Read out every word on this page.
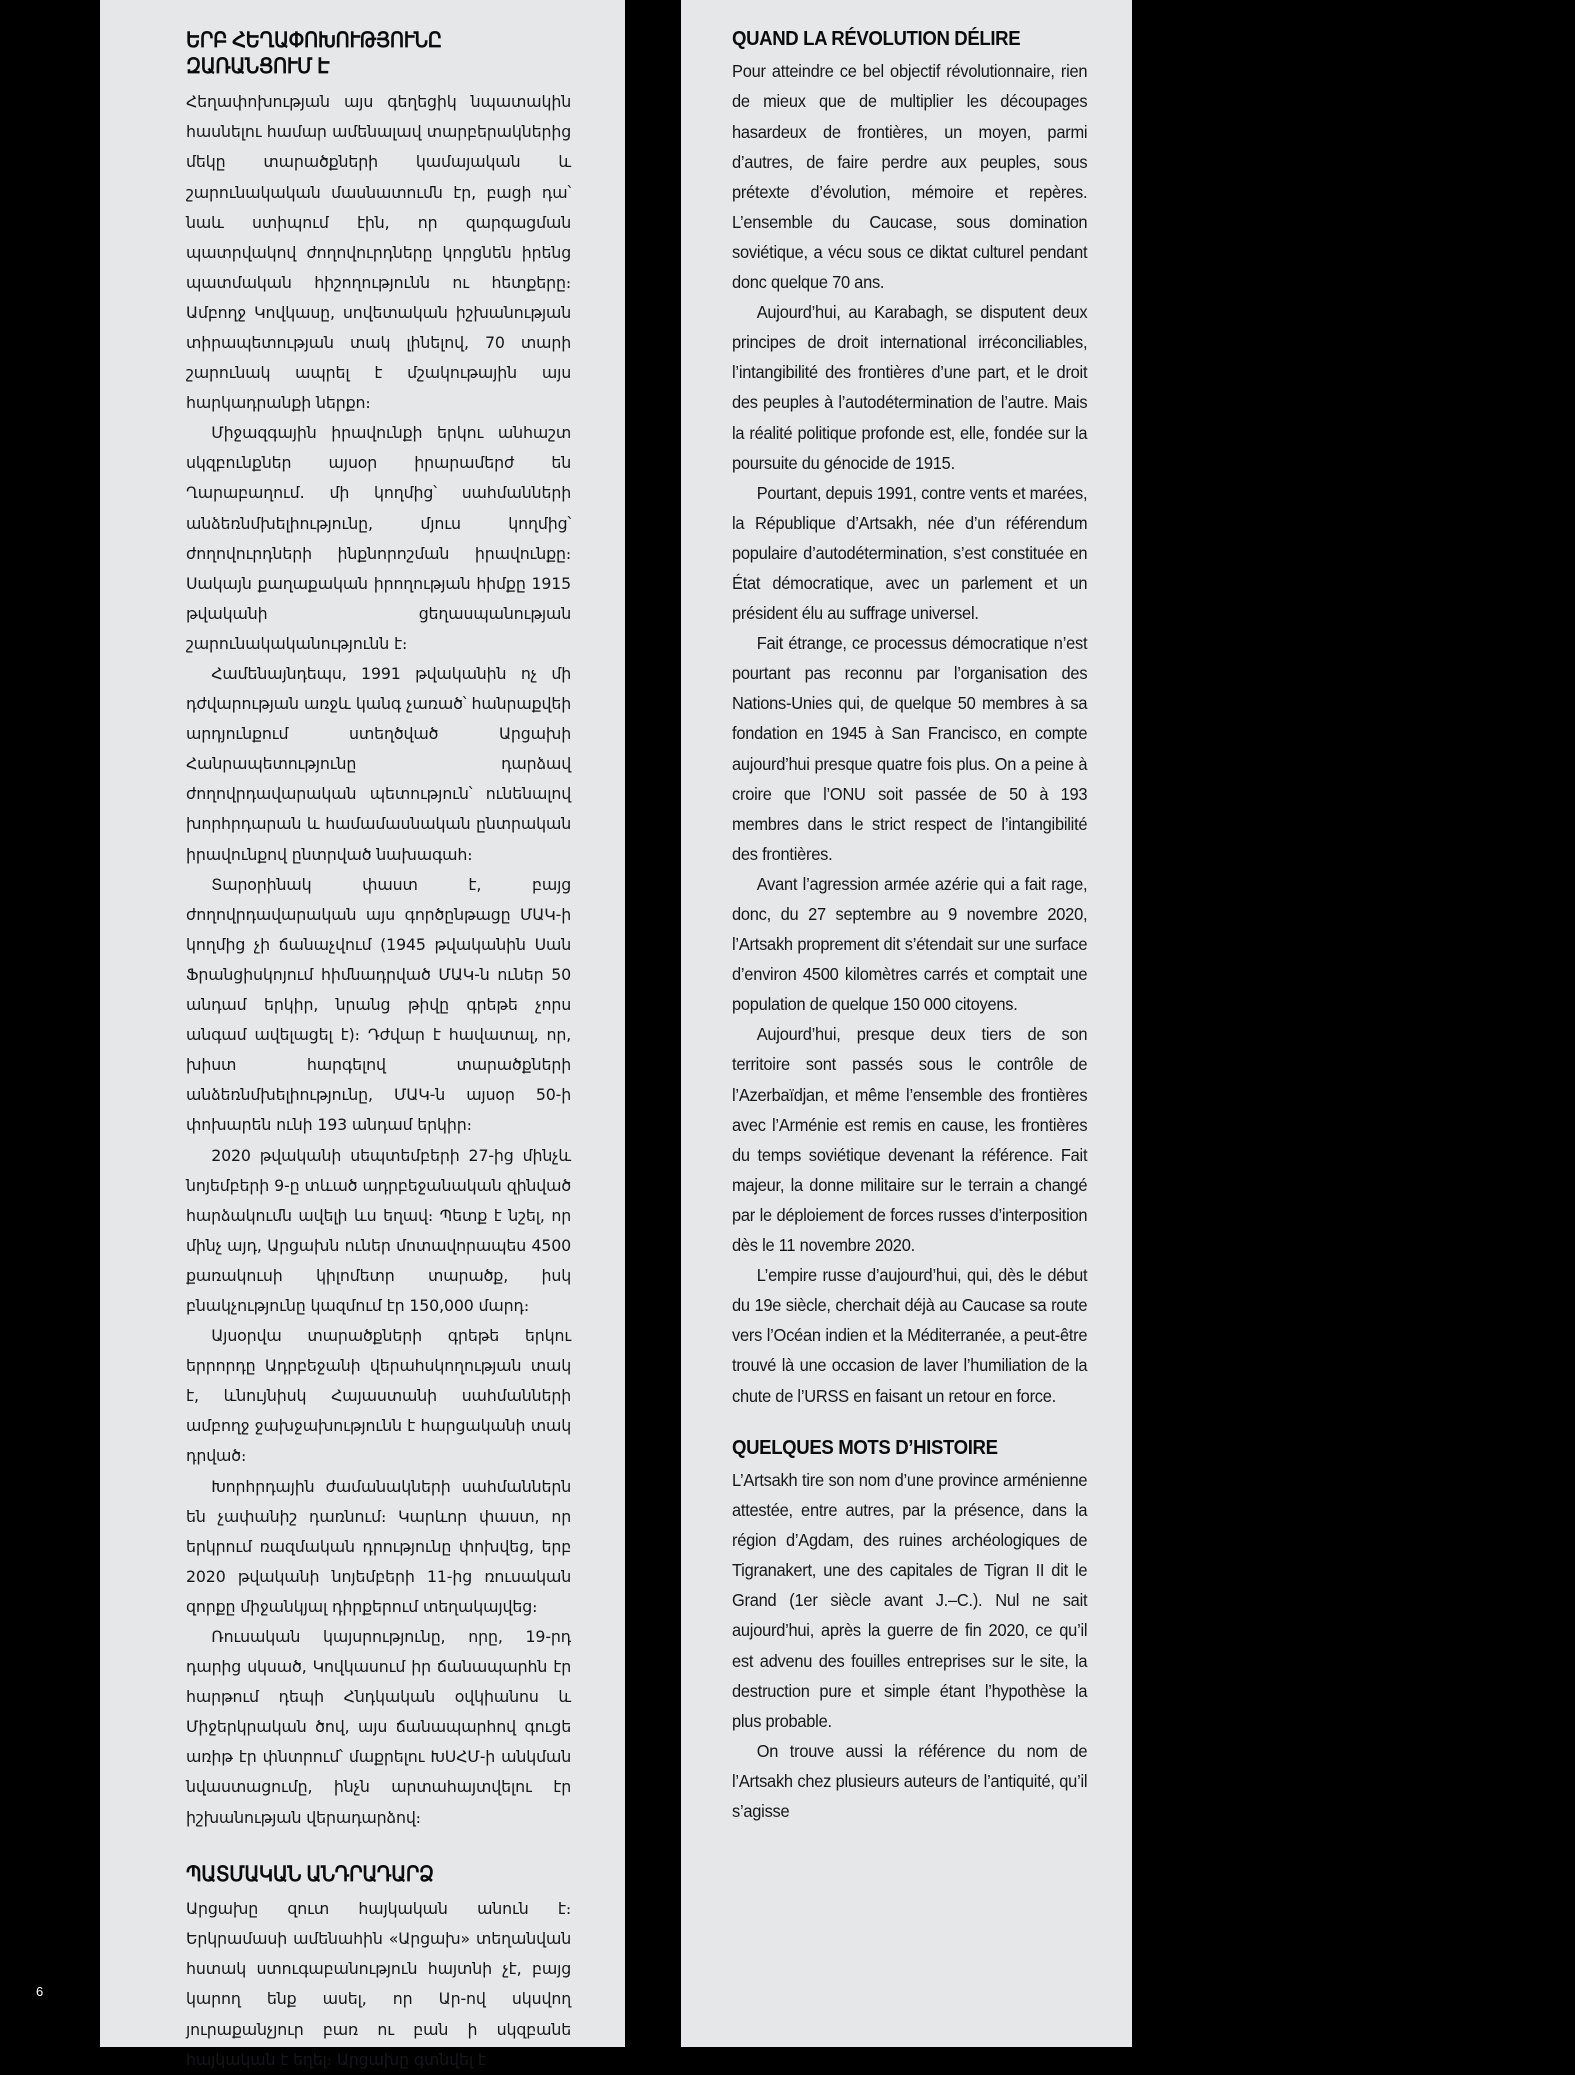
ԵՐԲ ՀԵՂԱՓՈԽՈՒԹՅՈՒՆԸ ԶԱՌԱՆՑՈՒՄ Է

Հեղափոխության այս գեղեցիկ նպատակին հասնելու համար ամենալավ տարբերակներից մեկը տարածքների կամայական և շարունակական մասնատումն էր, բացի դա՝ նաև ստիպում էին, որ զարգացման պատրվակով ժողովուրդները կորցնեն իրենց պատմական հիշողությունն ու հետքերը։ Ամբողջ Կովկասը, սովետական իշխանության տիրապետության տակ լինելով, 70 տարի շարունակ ապրել է մշակութային այս հարկադրանքի ներքո։

Միջազգային իրավունքի երկու անհաշտ սկզբունքներ այսօր իրարամերժ են Ղարաբաղում․ մի կողմից՝ սահմանների անձեռնմխելիությունը, մյուս կողմից՝ ժողովուրդների ինքնորոշման իրավունքը։ Սակայն քաղաքական իրողության հիմքը 1915 թվականի ցեղասպանության շարունակականությունն է։

Համենայնդեպս, 1991 թվականին ոչ մի դժվարության առջև կանգ չառած՝ հանրաքվեի արդյունքում ստեղծված Արցախի Հանրապետությունը դարձավ ժողովրդավարական պետություն՝ ունենալով խորհրդարան և համամասնական ընտրական իրավունքով ընտրված նախագահ։

Տարօրինակ փաստ է, բայց ժողովրդավարական այս գործընթացը ՄԱԿ-ի կողմից չի ճանաչվում (1945 թվականին Սան Ֆրանցիսկոյում հիմնադրված ՄԱԿ-ն ուներ 50 անդամ երկիր, նրանց թիվը գրեթե չորս անգամ ավելացել է)։ Դժվար է հավատալ, որ, խիստ հարգելով տարածքների անձեռնմխելիությունը, ՄԱԿ-ն այսօր 50-ի փոխարեն ունի 193 անդամ երկիր։

2020 թվականի սեպտեմբերի 27-ից մինչև նոյեմբերի 9-ը տևած ադրբեջանական զինված հարձակումն ավելի ևս եղավ։ Պետք է նշել, որ մինչ այդ, Արցախն ուներ մոտավորապես 4500 քառակուսի կիլոմետր տարածք, իսկ բնակչությունը կազմում էր 150,000 մարդ։

Այսօրվա տարածքների գրեթե երկու երրորդը Ադրբեջանի վերահսկողության տակ է, ևնույնիսկ Հայաստանի սահմանների ամբողջ ջախջախությունն է հարցականի տակ դրված։

Խորհրդային ժամանակների սահմաններն են չափանիշ դառնում։ Կարևոր փաստ, որ երկրում ռազմական դրությունը փոխվեց, երբ 2020 թվականի նոյեմբերի 11-ից ռուսական զորքը միջանկյալ դիրքերում տեղակայվեց։

Ռուսական կայսրությունը, որը, 19-րդ դարից սկսած, Կովկասում իր ճանապարհն էր հարթում դեպի Հնդկական օվկիանոս և Միջերկրական ծով, այս ճանապարհով գուցե առիթ էր փնտրում՝ մաքրելու ԽՍՀՄ-ի անկման նվաստացումը, ինչն արտահայտվելու էր իշխանության վերադարձով։

ՊԱՏՄԱԿԱՆ ԱՆԴՐԱԴԱՐՁ

Արցախը զուտ հայկական անուն է։ Երկրամասի ամենահին «Արցախ» տեղանվան հստակ ստուգաբանություն հայտնի չէ, բայց կարող ենք ասել, որ Ար-ով սկսվող յուրաքանչյուր բառ ու բան ի սկզբանե հայկական է եղել։ Արցախը գտնվել է

QUAND LA RÉVOLUTION DÉLIRE

Pour atteindre ce bel objectif révolutionnaire, rien de mieux que de multiplier les découpages hasardeux de frontières, un moyen, parmi d’autres, de faire perdre aux peuples, sous prétexte d’évolution, mémoire et repères. L’ensemble du Caucase, sous domination soviétique, a vécu sous ce diktat culturel pendant donc quelque 70 ans.

Aujourd’hui, au Karabagh, se disputent deux principes de droit international irréconciliables, l’intangibilité des frontières d’une part, et le droit des peuples à l’autodétermination de l’autre. Mais la réalité politique profonde est, elle, fondée sur la poursuite du génocide de 1915.

Pourtant, depuis 1991, contre vents et marées, la République d’Artsakh, née d’un référendum populaire d’autodétermination, s’est constituée en État démocratique, avec un parlement et un président élu au suffrage universel.

Fait étrange, ce processus démocratique n’est pourtant pas reconnu par l’organisation des Nations-Unies qui, de quelque 50 membres à sa fondation en 1945 à San Francisco, en compte aujourd’hui presque quatre fois plus. On a peine à croire que l’ONU soit passée de 50 à 193 membres dans le strict respect de l’intangibilité des frontières.

Avant l’agression armée azérie qui a fait rage, donc, du 27 septembre au 9 novembre 2020, l’Artsakh proprement dit s’étendait sur une surface d’environ 4500 kilomètres carrés et comptait une population de quelque 150 000 citoyens.

Aujourd’hui, presque deux tiers de son territoire sont passés sous le contrôle de l’Azerbaïdjan, et même l’ensemble des frontières avec l’Arménie est remis en cause, les frontières du temps soviétique devenant la référence. Fait majeur, la donne militaire sur le terrain a changé par le déploiement de forces russes d’interposition dès le 11 novembre 2020.

L’empire russe d’aujourd’hui, qui, dès le début du 19e siècle, cherchait déjà au Caucase sa route vers l’Océan indien et la Méditerranée, a peut-être trouvé là une occasion de laver l’humiliation de la chute de l’URSS en faisant un retour en force.

QUELQUES MOTS D’HISTOIRE

L’Artsakh tire son nom d’une province arménienne attestée, entre autres, par la présence, dans la région d’Agdam, des ruines archéologiques de Tigranakert, une des capitales de Tigran II dit le Grand (1er siècle avant J.–C.). Nul ne sait aujourd’hui, après la guerre de fin 2020, ce qu’il est advenu des fouilles entreprises sur le site, la destruction pure et simple étant l’hypothèse la plus probable.

On trouve aussi la référence du nom de l’Artsakh chez plusieurs auteurs de l’antiquité, qu’il s’agisse

6
